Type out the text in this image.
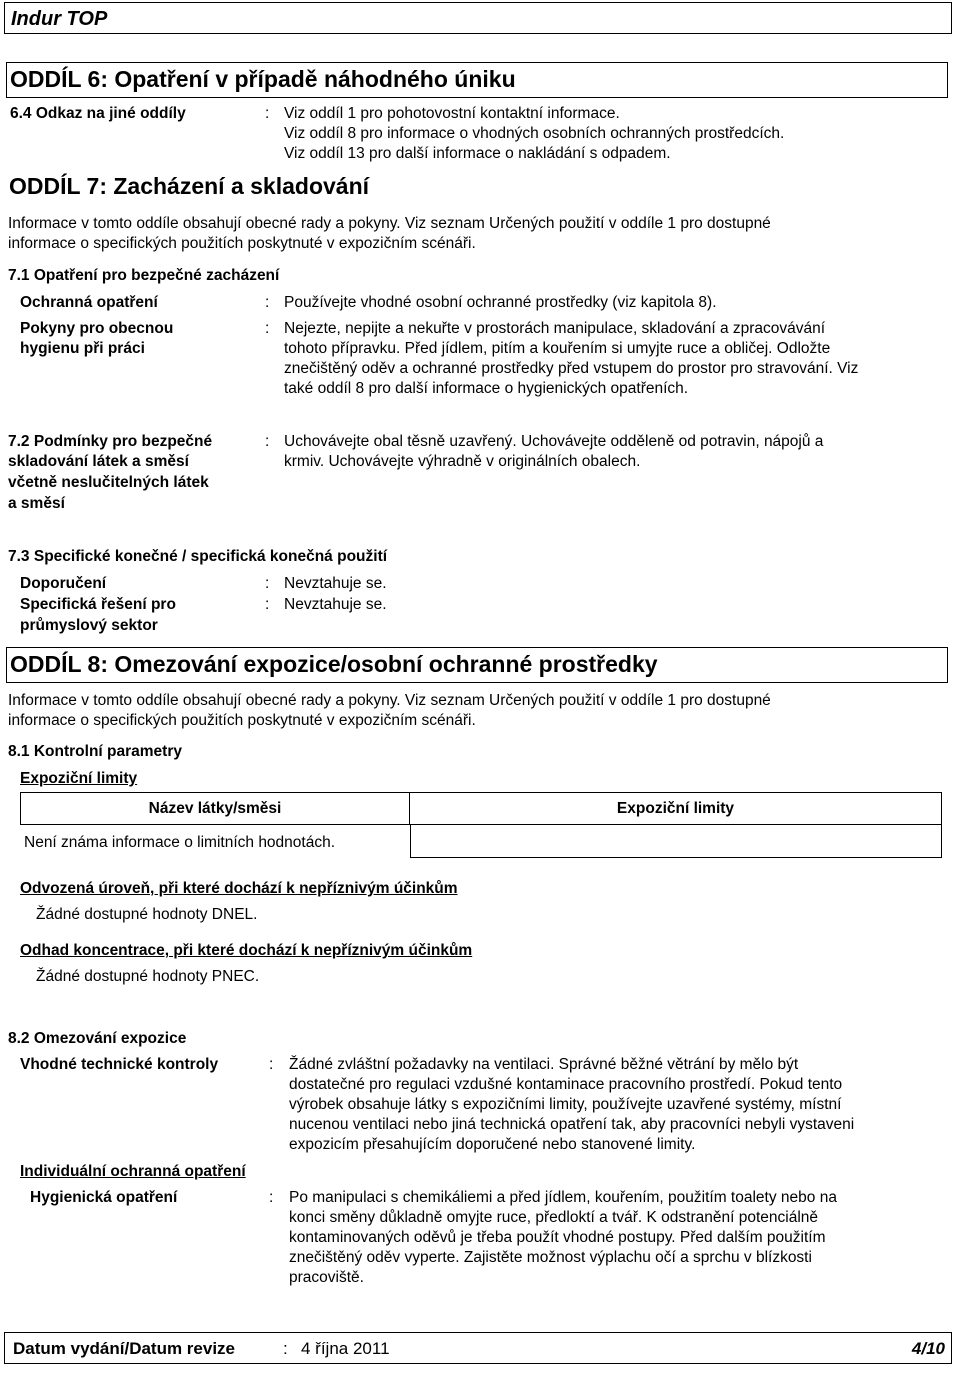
Indur TOP
ODDÍL 6: Opatření v případě náhodného úniku
6.4 Odkaz na jiné oddíly	: Viz oddíl 1 pro pohotovostní kontaktní informace.
Viz oddíl 8 pro informace o vhodných osobních ochranných prostředcích.
Viz oddíl 13 pro další informace o nakládání s odpadem.
ODDÍL 7: Zacházení a skladování
Informace v tomto oddíle obsahují obecné rady a pokyny. Viz seznam Určených použití v oddíle 1 pro dostupné
informace o specifických použitích poskytnuté v expozičním scénáři.
7.1 Opatření pro bezpečné zacházení
Ochranná opatření	: Používejte vhodné osobní ochranné prostředky (viz kapitola 8).
Pokyny pro obecnou
hygienu při práci
: Nejezte, nepijte a nekuřte v prostorách manipulace, skladování a zpracovávání
tohoto přípravku. Před jídlem, pitím a kouřením si umyjte ruce a obličej. Odložte
znečištěný oděv a ochranné prostředky před vstupem do prostor pro stravování. Viz
také oddíl 8 pro další informace o hygienických opatřeních.
7.2 Podmínky pro bezpečné
skladování látek a směsí
včetně neslučitelných látek
a směsí
: Uchovávejte obal těsně uzavřený. Uchovávejte odděleně od potravin, nápojů a
krmiv. Uchovávejte výhradně v originálních obalech.
7.3 Specifické konečné / specifická konečná použití
Doporučení	: Nevztahuje se.
Specifická řešení pro
průmyslový sektor
: Nevztahuje se.
ODDÍL 8: Omezování expozice/osobní ochranné prostředky
Informace v tomto oddíle obsahují obecné rady a pokyny. Viz seznam Určených použití v oddíle 1 pro dostupné
informace o specifických použitích poskytnuté v expozičním scénáři.
8.1 Kontrolní parametry
Expoziční limity
Název látky/směsi	Expoziční limity
Není známa informace o limitních hodnotách.
Odvozená úroveň, při které dochází k nepříznivým účinkům
Žádné dostupné hodnoty DNEL.
Odhad koncentrace, při které dochází k nepříznivým účinkům
Žádné dostupné hodnoty PNEC.
8.2 Omezování expozice
Vhodné technické kontroly	: Žádné zvláštní požadavky na ventilaci. Správné běžné větrání by mělo být
dostatečné pro regulaci vzdušné kontaminace pracovního prostředí. Pokud tento
výrobek obsahuje látky s expozičními limity, používejte uzavřené systémy, místní
nucenou ventilaci nebo jiná technická opatření tak, aby pracovníci nebyli vystaveni
expozicím přesahujícím doporučené nebo stanovené limity.
Individuální ochranná opatření
Hygienická opatření	: Po manipulaci s chemikáliemi a před jídlem, kouřením, použitím toalety nebo na
konci směny důkladně omyjte ruce, předloktí a tvář. K odstranění potenciálně
kontaminovaných oděvů je třeba použít vhodné postupy. Před dalším použitím
znečištěný oděv vyperte. Zajistěte možnost výplachu očí a sprchu v blízkosti
pracoviště.
Datum vydání/Datum revize	: 4 října 2011	4/10
